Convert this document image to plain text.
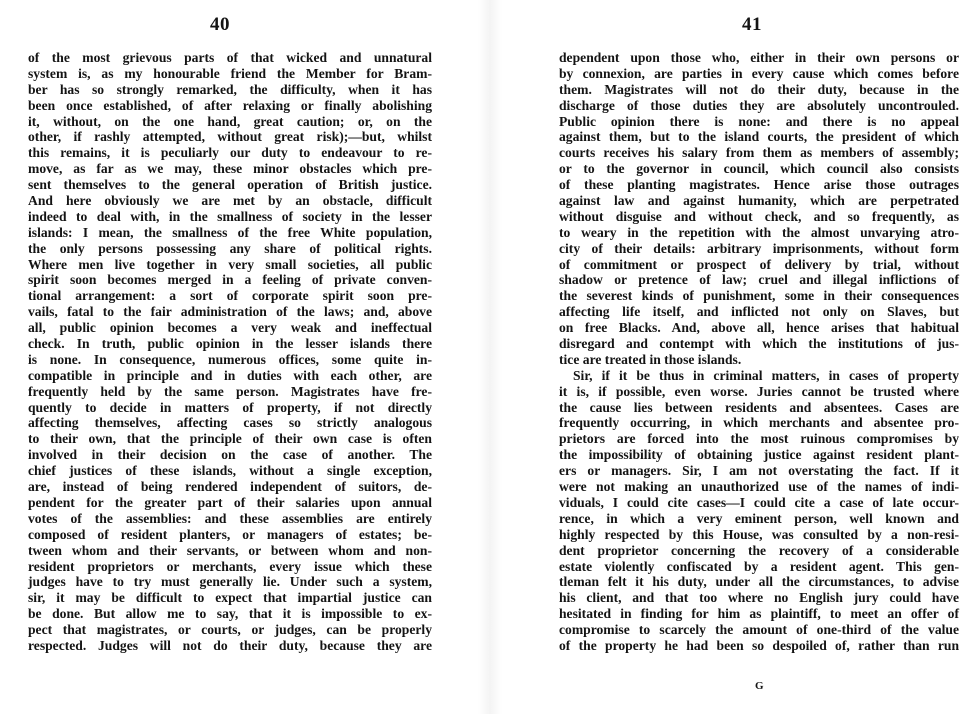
40
of the most grievous parts of that wicked and unnatural
system is, as my honourable friend the Member for Bram-
ber has so strongly remarked, the difficulty, when it has
been once established, of after relaxing or finally abolishing
it, without, on the one hand, great caution; or, on the
other, if rashly attempted, without great risk);—but, whilst
this remains, it is peculiarly our duty to endeavour to re-
move, as far as we may, these minor obstacles which pre-
sent themselves to the general operation of British justice.
And here obviously we are met by an obstacle, difficult
indeed to deal with, in the smallness of society in the lesser
islands: I mean, the smallness of the free White population,
the only persons possessing any share of political rights.
Where men live together in very small societies, all public
spirit soon becomes merged in a feeling of private conven-
tional arrangement: a sort of corporate spirit soon pre-
vails, fatal to the fair administration of the laws; and, above
all, public opinion becomes a very weak and ineffectual
check. In truth, public opinion in the lesser islands there
is none. In consequence, numerous offices, some quite in-
compatible in principle and in duties with each other, are
frequently held by the same person. Magistrates have fre-
quently to decide in matters of property, if not directly
affecting themselves, affecting cases so strictly analogous
to their own, that the principle of their own case is often
involved in their decision on the case of another. The
chief justices of these islands, without a single exception,
are, instead of being rendered independent of suitors, de-
pendent for the greater part of their salaries upon annual
votes of the assemblies: and these assemblies are entirely
composed of resident planters, or managers of estates; be-
tween whom and their servants, or between whom and non-
resident proprietors or merchants, every issue which these
judges have to try must generally lie. Under such a system,
sir, it may be difficult to expect that impartial justice can
be done. But allow me to say, that it is impossible to ex-
pect that magistrates, or courts, or judges, can be properly
respected. Judges will not do their duty, because they are
41
dependent upon those who, either in their own persons or
by connexion, are parties in every cause which comes before
them. Magistrates will not do their duty, because in the
discharge of those duties they are absolutely uncontrouled.
Public opinion there is none: and there is no appeal
against them, but to the island courts, the president of which
courts receives his salary from them as members of assembly;
or to the governor in council, which council also consists
of these planting magistrates. Hence arise those outrages
against law and against humanity, which are perpetrated
without disguise and without check, and so frequently, as
to weary in the repetition with the almost unvarying atro-
city of their details: arbitrary imprisonments, without form
of commitment or prospect of delivery by trial, without
shadow or pretence of law; cruel and illegal inflictions of
the severest kinds of punishment, some in their consequences
affecting life itself, and inflicted not only on Slaves, but
on free Blacks. And, above all, hence arises that habitual
disregard and contempt with which the institutions of jus-
tice are treated in those islands.
Sir, if it be thus in criminal matters, in cases of property
it is, if possible, even worse. Juries cannot be trusted where
the cause lies between residents and absentees. Cases are
frequently occurring, in which merchants and absentee pro-
prietors are forced into the most ruinous compromises by
the impossibility of obtaining justice against resident plant-
ers or managers. Sir, I am not overstating the fact. If it
were not making an unauthorized use of the names of indi-
viduals, I could cite cases—I could cite a case of late occur-
rence, in which a very eminent person, well known and
highly respected by this House, was consulted by a non-resi-
dent proprietor concerning the recovery of a considerable
estate violently confiscated by a resident agent. This gen-
tleman felt it his duty, under all the circumstances, to advise
his client, and that too where no English jury could have
hesitated in finding for him as plaintiff, to meet an offer of
compromise to scarcely the amount of one-third of the value
of the property he had been so despoiled of, rather than run
G
